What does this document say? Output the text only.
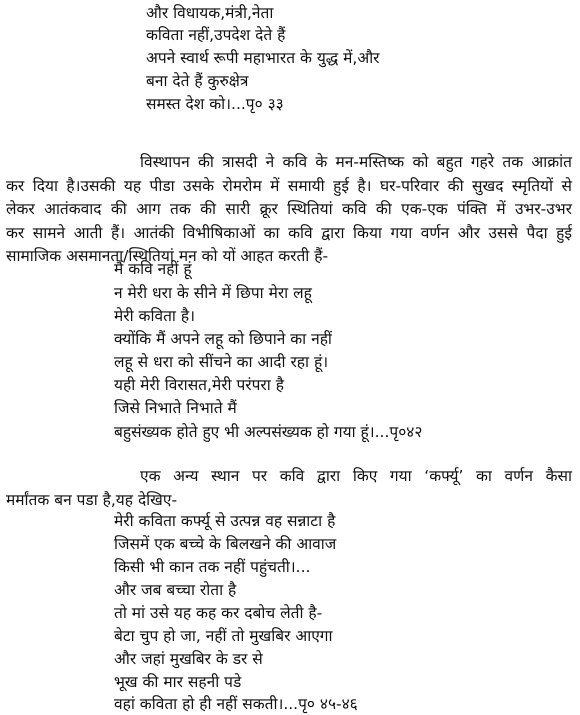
और विधायक,मंत्री,नेता
कविता नहीं,उपदेश देते हैं
अपने स्वार्थ रूपी महाभारत के युद्ध में,और
बना देते हैं कुरुक्षेत्र
समस्त देश को।...पृ० ३३
विस्थापन की त्रासदी ने कवि के मन-मस्तिष्क को बहुत गहरे तक आक्रांत
कर दिया है।उसकी यह पीडा उसके रोमरोम में समायी हुई है। घर-परिवार की सुखद स्मृतियों से
लेकर आतंकवाद की आग तक की सारी क्रूर स्थितियां कवि की एक-एक पंक्ति में उभर-उभर
कर सामने आती हैं। आतंकी विभीषिकाओं का कवि द्वारा किया गया वर्णन और उससे पैदा हुई
सामाजिक असमानता/स्थितियां मन को यों आहत करती हैं-
मैं कवि नहीं हूं
न मेरी धरा के सीने में छिपा मेरा लहू
मेरी कविता है।
क्योंकि मैं अपने लहू को छिपाने का नहीं
लहू से धरा को सींचने का आदी रहा हूं।
यही मेरी विरासत,मेरी परंपरा है
जिसे निभाते निभाते मैं
बहुसंख्यक होते हुए भी अल्पसंख्यक हो गया हूं।...पृ०४२
एक अन्य स्थान पर कवि द्वारा किए गया ‘कर्फ्यू’ का वर्णन कैसा
मर्मांतक बन पडा है,यह देखिए-
मेरी कविता कर्फ्यू से उत्पन्न वह सन्नाटा है
जिसमें एक बच्चे के बिलखने की आवाज
किसी भी कान तक नहीं पहुंचती।...
और जब बच्चा रोता है
तो मां उसे यह कह कर दबोच लेती है-
बेटा चुप हो जा, नहीं तो मुखबिर आएगा
और जहां मुखबिर के डर से
भूख की मार सहनी पडे
वहां कविता हो ही नहीं सकती।...पृ० ४५-४६
